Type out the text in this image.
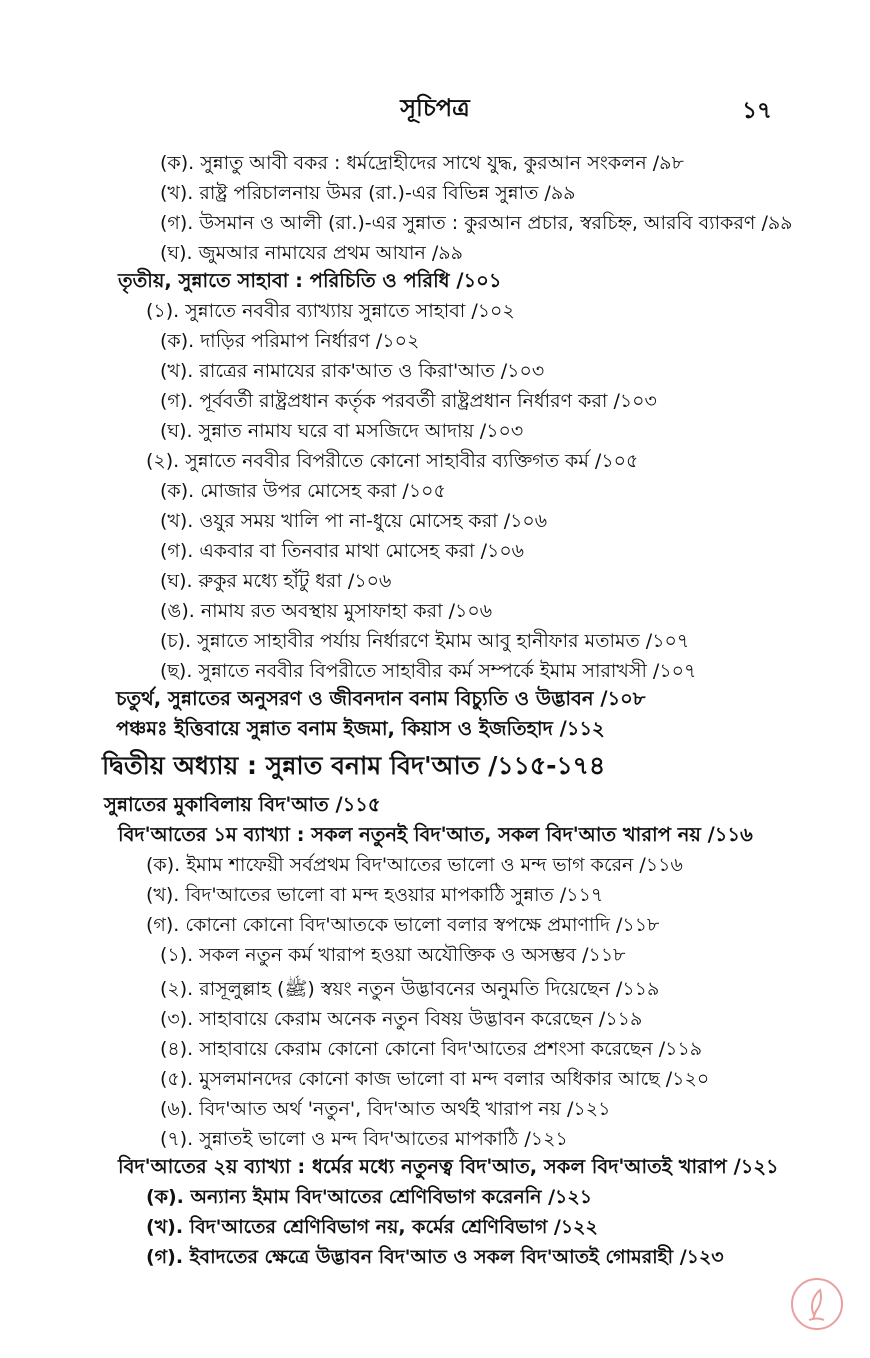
সূচিপত্র	১৭
(ক). সুন্নাতু আবী বকর : ধর্মদ্রোহীদের সাথে যুদ্ধ, কুরআন সংকলন /৯৮
(খ). রাষ্ট্র পরিচালনায় উমর (রা.)-এর বিভিন্ন সুন্নাত /৯৯
(গ). উসমান ও আলী (রা.)-এর সুন্নাত : কুরআন প্রচার, স্বরচিহ্ন, আরবি ব্যাকরণ /৯৯
(ঘ). জুমআর নামাযের প্রথম আযান /৯৯
তৃতীয়, সুন্নাতে সাহাবা : পরিচিতি ও পরিধি /১০১
(১). সুন্নাতে নববীর ব্যাখ্যায় সুন্নাতে সাহাবা /১০২
(ক). দাড়ির পরিমাপ নির্ধারণ /১০২
(খ). রাত্রের নামাযের রাক'আত ও কিরা'আত /১০৩
(গ). পূর্ববর্তী রাষ্ট্রপ্রধান কর্তৃক পরবর্তী রাষ্ট্রপ্রধান নির্ধারণ করা /১০৩
(ঘ). সুন্নাত নামায ঘরে বা মসজিদে আদায় /১০৩
(২). সুন্নাতে নববীর বিপরীতে কোনো সাহাবীর ব্যক্তিগত কর্ম /১০৫
(ক). মোজার উপর মোসেহ করা /১০৫
(খ). ওযুর সময় খালি পা না-ধুয়ে মোসেহ করা /১০৬
(গ). একবার বা তিনবার মাথা মোসেহ করা /১০৬
(ঘ). রুকুর মধ্যে হাঁটু ধরা /১০৬
(ঙ). নামায রত অবস্থায় মুসাফাহা করা /১০৬
(চ). সুন্নাতে সাহাবীর পর্যায় নির্ধারণে ইমাম আবু হানীফার মতামত /১০৭
(ছ). সুন্নাতে নববীর বিপরীতে সাহাবীর কর্ম সম্পর্কে ইমাম সারাখসী /১০৭
চতুর্থ, সুন্নাতের অনুসরণ ও জীবনদান বনাম বিচ্যুতি ও উদ্ভাবন /১০৮
পঞ্চমঃ ইত্তিবায়ে সুন্নাত বনাম ইজমা, কিয়াস ও ইজতিহাদ /১১২
দ্বিতীয় অধ্যায় : সুন্নাত বনাম বিদ'আত /১১৫-১৭৪
সুন্নাতের মুকাবিলায় বিদ'আত /১১৫
বিদ'আতের ১ম ব্যাখ্যা : সকল নতুনই বিদ'আত, সকল বিদ'আত খারাপ নয় /১১৬
(ক). ইমাম শাফেয়ী সর্বপ্রথম বিদ'আতের ভালো ও মন্দ ভাগ করেন /১১৬
(খ). বিদ'আতের ভালো বা মন্দ হওয়ার মাপকাঠি সুন্নাত /১১৭
(গ). কোনো কোনো বিদ'আতকে ভালো বলার স্বপক্ষে প্রমাণাদি /১১৮
(১). সকল নতুন কর্ম খারাপ হওয়া অযৌক্তিক ও অসম্ভব /১১৮
(২). রাসূলুল্লাহ (ﷺ) স্বয়ং নতুন উদ্ভাবনের অনুমতি দিয়েছেন /১১৯
(৩). সাহাবায়ে কেরাম অনেক নতুন বিষয় উদ্ভাবন করেছেন /১১৯
(৪). সাহাবায়ে কেরাম কোনো কোনো বিদ'আতের প্রশংসা করেছেন /১১৯
(৫). মুসলমানদের কোনো কাজ ভালো বা মন্দ বলার অধিকার আছে /১২০
(৬). বিদ'আত অর্থ 'নতুন', বিদ'আত অর্থই খারাপ নয় /১২১
(৭). সুন্নাতই ভালো ও মন্দ বিদ'আতের মাপকাঠি /১২১
বিদ'আতের ২য় ব্যাখ্যা : ধর্মের মধ্যে নতুনত্ব বিদ'আত, সকল বিদ'আতই খারাপ /১২১
(ক). অন্যান্য ইমাম বিদ'আতের শ্রেণিবিভাগ করেননি /১২১
(খ). বিদ'আতের শ্রেণিবিভাগ নয়, কর্মের শ্রেণিবিভাগ /১২২
(গ). ইবাদতের ক্ষেত্রে উদ্ভাবন বিদ'আত ও সকল বিদ'আতই গোমরাহী /১২৩
